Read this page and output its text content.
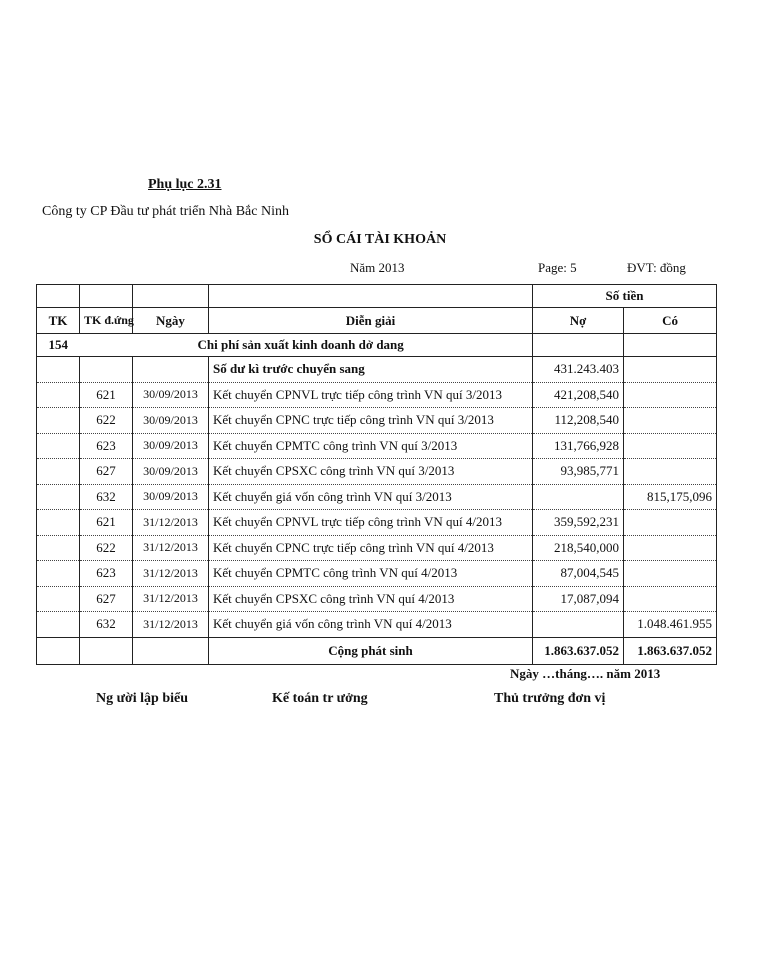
Phụ lục 2.31
Công ty CP Đầu tư phát triển Nhà Bắc Ninh
SỔ CÁI TÀI KHOẢN
Năm 2013	Page: 5	ĐVT: đồng
				Số tiền	
TK	TK đ.ứng	Ngày	Diễn giải	Nợ	Có
154	Chi phí sản xuất kinh doanh dở dang				
			Số dư kì trước chuyển sang	431.243.403	
	621	30/09/2013	Kết chuyển CPNVL trực tiếp công trình VN quí 3/2013	421,208,540	
	622	30/09/2013	Kết chuyển CPNC trực tiếp công trình VN quí 3/2013	112,208,540	
	623	30/09/2013	Kết chuyển CPMTC công trình VN quí 3/2013	131,766,928	
	627	30/09/2013	Kết chuyển CPSXC công trình VN quí 3/2013	93,985,771	
	632	30/09/2013	Kết chuyển giá vốn công trình VN quí 3/2013		815,175,096
	621	31/12/2013	Kết chuyển CPNVL trực tiếp công trình VN quí 4/2013	359,592,231	
	622	31/12/2013	Kết chuyển CPNC trực tiếp công trình VN quí 4/2013	218,540,000	
	623	31/12/2013	Kết chuyển CPMTC công trình VN quí 4/2013	87,004,545	
	627	31/12/2013	Kết chuyển CPSXC công trình VN quí 4/2013	17,087,094	
	632	31/12/2013	Kết chuyển giá vốn công trình VN quí 4/2013		1.048.461.955
			Cộng phát sinh	1.863.637.052	1.863.637.052
Ngày …tháng…. năm 2013
Ng ười lập biểu	Kế toán tr ưởng	Thủ trưởng đơn vị
